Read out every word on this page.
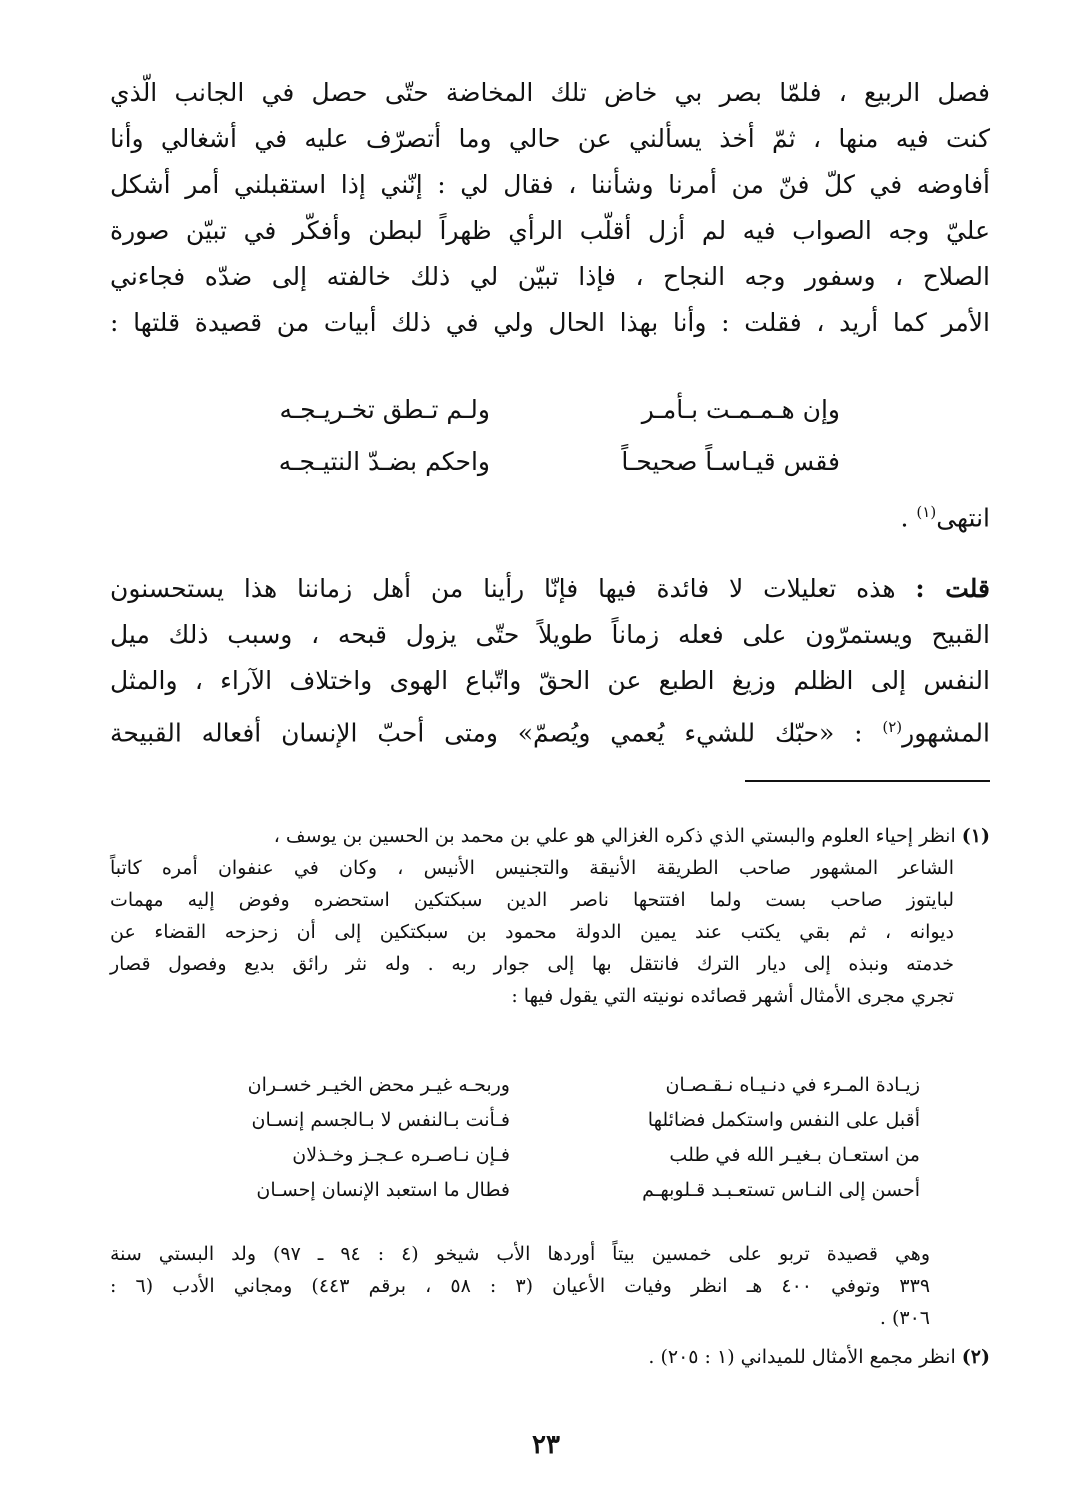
فصل الربيع ، فلمّا بصر بي خاض تلك المخاضة حتّى حصل في الجانب الّذي

كنت فيه منها ، ثمّ أخذ يسألني عن حالي وما أتصرّف عليه في أشغالي وأنا

أفاوضه في كلّ فنّ من أمرنا وشأننا ، فقال لي : إنّني إذا استقبلني أمر أشكل

عليّ وجه الصواب فيه لم أزل أقلّب الرأي ظهراً لبطن وأفكّر في تبيّن صورة

الصلاح ، وسفور وجه النجاح ، فإذا تبيّن لي ذلك خالفته إلى ضدّه فجاءني

الأمر كما أريد ، فقلت : وأنا بهذا الحال ولي في ذلك أبيات من قصيدة قلتها :

وإن هـمـمـت بـأمـر
ولـم تـطق تخـريـجـه
فقس قيـاسـاً صحيحـاً
واحكم بضـدّ النتيـجـه
انتهى$^{(١)}$ .

قلت : هذه تعليلات لا فائدة فيها فإنّا رأينا من أهل زماننا هذا يستحسنون

القبيح ويستمرّون على فعله زماناً طويلاً حتّى يزول قبحه ، وسبب ذلك ميل

النفس إلى الظلم وزيغ الطبع عن الحقّ واتّباع الهوى واختلاف الآراء ، والمثل

المشهور$^{(٢)}$ : «حبّك للشيء يُعمي ويُصمّ» ومتى أحبّ الإنسان أفعاله القبيحة

(١) انظر إحياء العلوم والبستي الذي ذكره الغزالي هو علي بن محمد بن الحسين بن يوسف ،
الشاعر المشهور صاحب الطريقة الأنيقة والتجنيس الأنيس ، وكان في عنفوان أمره كاتباً
لبايتوز صاحب بست ولما افتتحها ناصر الدين سبكتكين استحضره وفوض إليه مهمات
ديوانه ، ثم بقي يكتب عند يمين الدولة محمود بن سبكتكين إلى أن زحزحه القضاء عن
خدمته ونبذه إلى ديار الترك فانتقل بها إلى جوار ربه . وله نثر رائق بديع وفصول قصار
تجري مجرى الأمثال أشهر قصائده نونيته التي يقول فيها :
زيـادة المـرء في دنـيـاه نـقـصـان
وربحـه غيـر محض الخيـر خسـران
أقبل على النفس واستكمل فضائلها
فـأنت بـالنفس لا بـالجسم إنسـان
من استعـان بـغيـر الله في طلب
فـإن نـاصـره عـجـز وخـذلان
أحسن إلى النـاس تستعـبـد قـلوبهـم
فطال ما استعبد الإنسان إحسـان
وهي قصيدة تربو على خمسين بيتاً أوردها الأب شيخو (٤ : ٩٤ ـ ٩٧) ولد البستي سنة
٣٣٩ وتوفي ٤٠٠ هـ انظر وفيات الأعيان (٣ : ٥٨ ، برقم ٤٤٣) ومجاني الأدب (٦ :
٣٠٦) .
(٢) انظر مجمع الأمثال للميداني (١ : ٢٠٥) .
٢٣
